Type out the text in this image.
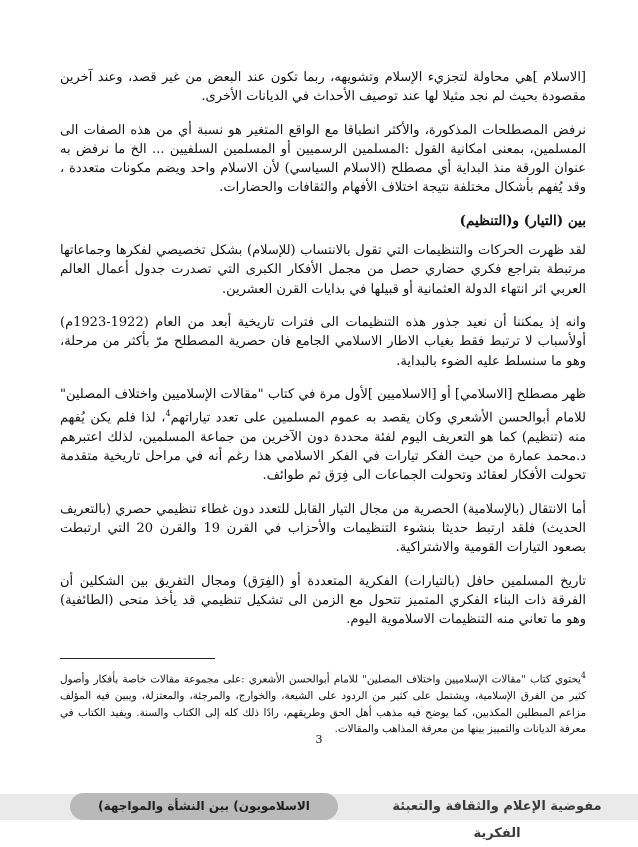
[الاسلام ]هي محاولة لتجزيء الإسلام وتشويهه، ربما تكون عند البعض من غير قصد، وعند آخرين مقصودة بحيث لم نجد مثيلا لها عند توصيف الأحداث في الديانات الأخرى.

نرفض المصطلحات المذكورة، والأكثر انطباقا مع الواقع المتغير هو نسبة أي من هذه الصفات الى المسلمين، بمعنى امكانية القول :المسلمين الرسميين أو المسلمين السلفيين ... الخ ما نرفض به عنوان الورقة منذ البداية أي مصطلح (الاسلام السياسي) لأن الاسلام واحد ويضم مكونات متعددة ، وقد يُفهم بأشكال مختلفة نتيجة اختلاف الأفهام والثقافات والحضارات.

بين (التيار) و(التنظيم)

لقد ظهرت الحركات والتنظيمات التي تقول بالانتساب (للإسلام) بشكل تخصيصي لفكرها وجماعاتها مرتبطة بتراجع فكري حضاري حصل من مجمل الأفكار الكبرى التي تصدرت جدول أعمال العالم العربي اثر انتهاء الدولة العثمانية أو قبيلها في بدايات القرن العشرين.

وانه إذ يمكننا أن نعيد جذور هذه التنظيمات الى فترات تاريخية أبعد من العام (1922-1923م) أولأسباب لا ترتبط فقط بغياب الاطار الاسلامي الجامع فان حصرية المصطلح مرّ بأكثر من مرحلة، وهو ما سنسلط عليه الضوء بالبداية.

ظهر مصطلح [الاسلامي] أو [الاسلاميين ]لأول مرة في كتاب "مقالات الإسلاميين واختلاف المصلين" للامام أبوالحسن الأشعري وكان يقصد به عموم المسلمين على تعدد تياراتهم$^4$، لذا فلم يكن يُفهم منه (تنظيم) كما هو التعريف اليوم لفئة محددة دون الآخرين من جماعة المسلمين، لذلك اعتبرهم د.محمد عمارة من حيث الفكر تيارات في الفكر الاسلامي هذا رغم أنه في مراحل تاريخية متقدمة تحولت الأفكار لعقائد وتحولت الجماعات الى فِرَق ثم طوائف.

أما الانتقال (بالإسلامية) الحصرية من مجال التيار القابل للتعدد دون غطاء تنظيمي حصري (بالتعريف الحديث) فلقد ارتبط حديثا بنشوء التنظيمات والأحزاب في القرن 19 والقرن 20 التي ارتبطت بصعود التيارات القومية والاشتراكية.

تاريخ المسلمين حافل (بالتيارات) الفكرية المتعددة أو (الفِرَق) ومجال التفريق بين الشكلين أن الفرقة ذات البناء الفكري المتميز تتحول مع الزمن الى تشكيل تنظيمي قد يأخذ منحى (الطائفية) وهو ما تعاني منه التنظيمات الاسلاموية اليوم.

$^4$يحتوي كتاب "مقالات الإسلاميين واختلاف المصلين" للامام أبوالحسن الأشعري :على مجموعة مقالات خاصة بأفكار وأصول كثير من الفرق الإسلامية، ويشتمل على كثير من الردود على الشيعة، والخوارج، والمرجئة، والمعتزلة، ويبين فيه المؤلف مزاعم المبطلين المكذبين، كما يوضح فيه مذهب أهل الحق وطريقهم، رادًا ذلك كله إلى الكتاب والسنة. ويفيد الكتاب في معرفة الديانات والتمييز بينها من معرفة المذاهب والمقالات.
3
الاسلامويون) بين النشأة والمواجهة)	مفوضية الإعلام والثقافة والتعبئة الفكرية
